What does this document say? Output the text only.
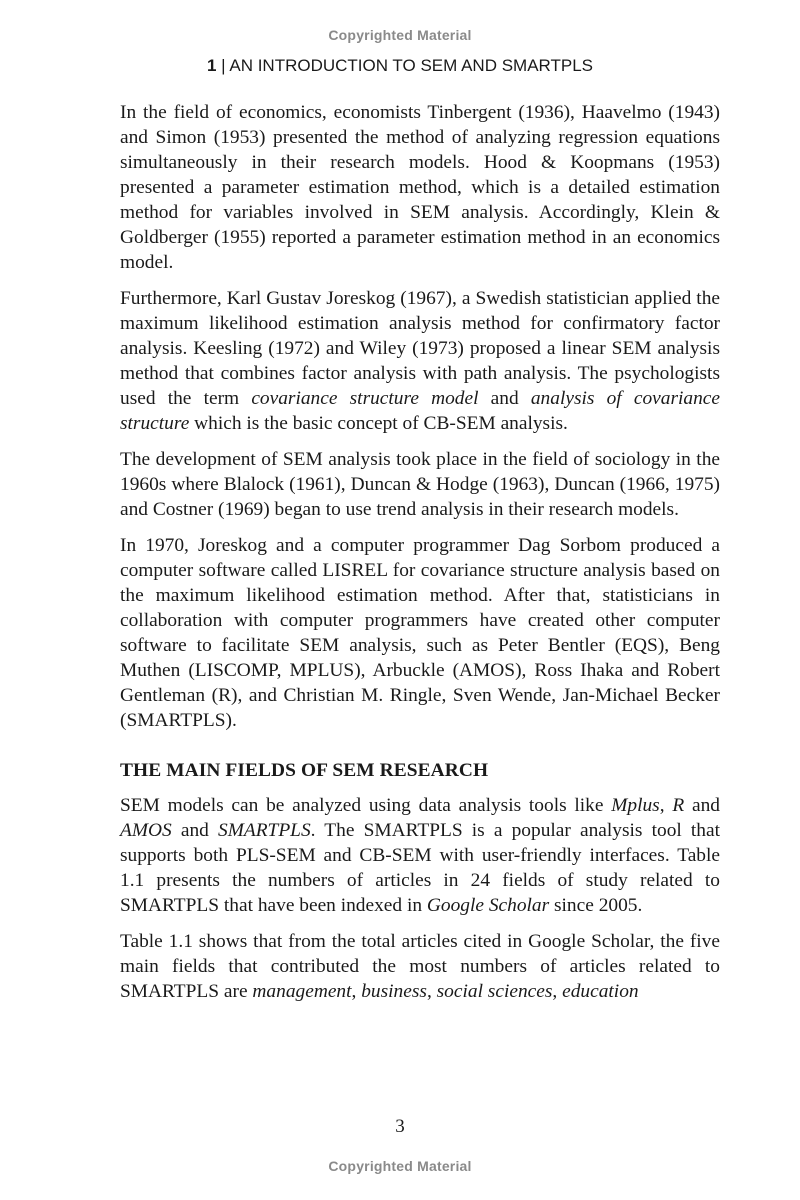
Copyrighted Material
1 | AN INTRODUCTION TO SEM AND SMARTPLS

In the field of economics, economists Tinbergent (1936), Haavelmo (1943) and Simon (1953) presented the method of analyzing regression equations simultaneously in their research models. Hood & Koopmans (1953) presented a parameter estimation method, which is a detailed estimation method for variables involved in SEM analysis. Accordingly, Klein & Goldberger (1955) reported a parameter estimation method in an economics model.

Furthermore, Karl Gustav Joreskog (1967), a Swedish statistician applied the maximum likelihood estimation analysis method for confirmatory factor analysis. Keesling (1972) and Wiley (1973) proposed a linear SEM analysis method that combines factor analysis with path analysis. The psychologists used the term covariance structure model and analysis of covariance structure which is the basic concept of CB-SEM analysis.

The development of SEM analysis took place in the field of sociology in the 1960s where Blalock (1961), Duncan & Hodge (1963), Duncan (1966, 1975) and Costner (1969) began to use trend analysis in their research models.

In 1970, Joreskog and a computer programmer Dag Sorbom produced a computer software called LISREL for covariance structure analysis based on the maximum likelihood estimation method. After that, statisticians in collaboration with computer programmers have created other computer software to facilitate SEM analysis, such as Peter Bentler (EQS), Beng Muthen (LISCOMP, MPLUS), Arbuckle (AMOS), Ross Ihaka and Robert Gentleman (R), and Christian M. Ringle, Sven Wende, Jan-Michael Becker (SMARTPLS).

THE MAIN FIELDS OF SEM RESEARCH

SEM models can be analyzed using data analysis tools like Mplus, R and AMOS and SMARTPLS. The SMARTPLS is a popular analysis tool that supports both PLS-SEM and CB-SEM with user-friendly interfaces. Table 1.1 presents the numbers of articles in 24 fields of study related to SMARTPLS that have been indexed in Google Scholar since 2005.

Table 1.1 shows that from the total articles cited in Google Scholar, the five main fields that contributed the most numbers of articles related to SMARTPLS are management, business, social sciences, education

3
Copyrighted Material
